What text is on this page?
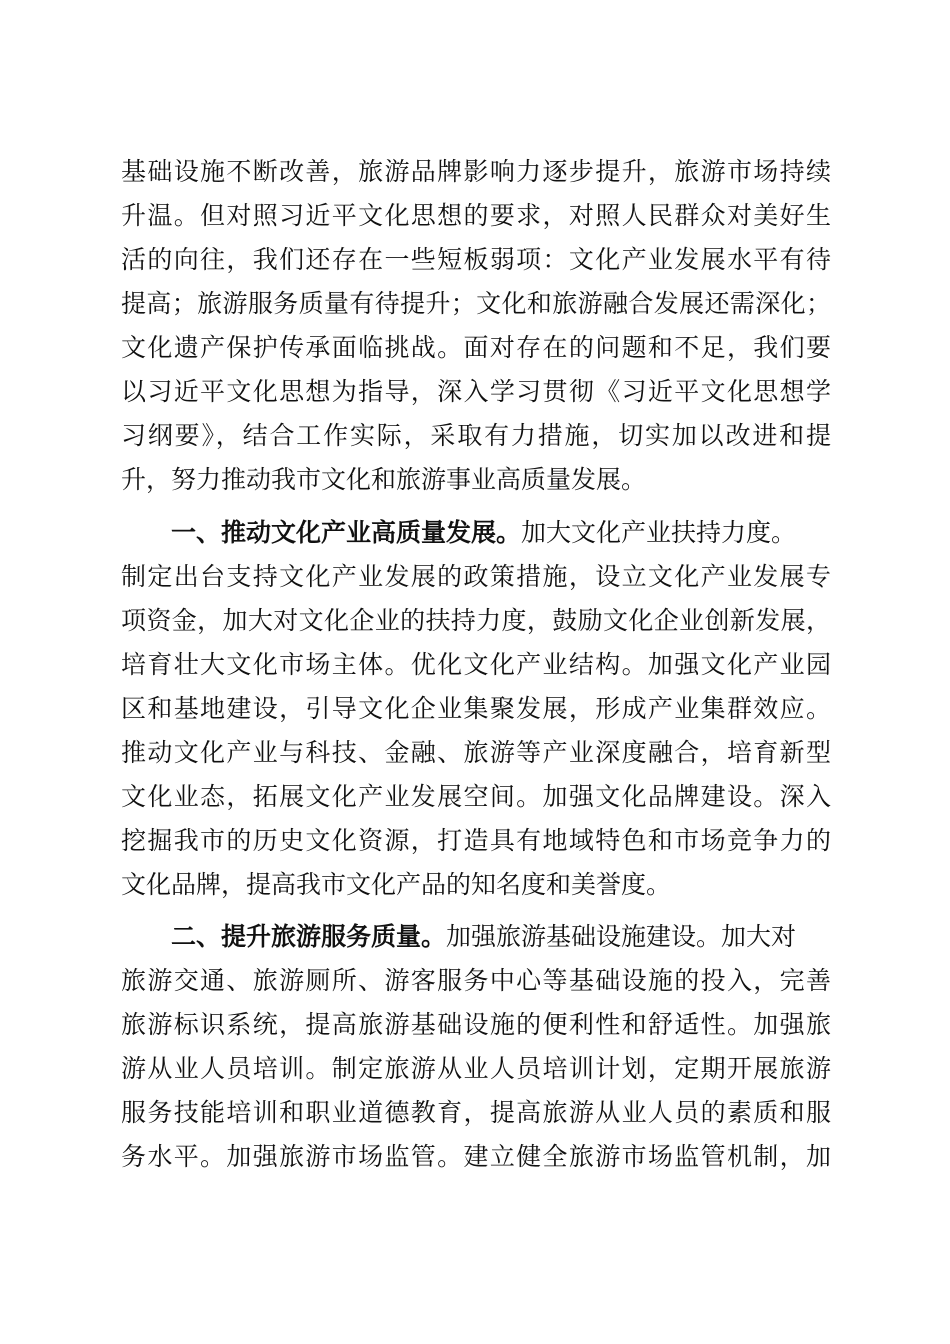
基础设施不断改善，旅游品牌影响力逐步提升，旅游市场持续
升温。但对照习近平文化思想的要求，对照人民群众对美好生
活的向往，我们还存在一些短板弱项：文化产业发展水平有待
提高；旅游服务质量有待提升；文化和旅游融合发展还需深化；
文化遗产保护传承面临挑战。面对存在的问题和不足，我们要
以习近平文化思想为指导，深入学习贯彻《习近平文化思想学
习纲要》，结合工作实际，采取有力措施，切实加以改进和提
升，努力推动我市文化和旅游事业高质量发展。
一、推动文化产业高质量发展。加大文化产业扶持力度。
制定出台支持文化产业发展的政策措施，设立文化产业发展专
项资金，加大对文化企业的扶持力度，鼓励文化企业创新发展，
培育壮大文化市场主体。优化文化产业结构。加强文化产业园
区和基地建设，引导文化企业集聚发展，形成产业集群效应。
推动文化产业与科技、金融、旅游等产业深度融合，培育新型
文化业态，拓展文化产业发展空间。加强文化品牌建设。深入
挖掘我市的历史文化资源，打造具有地域特色和市场竞争力的
文化品牌，提高我市文化产品的知名度和美誉度。
二、提升旅游服务质量。加强旅游基础设施建设。加大对
旅游交通、旅游厕所、游客服务中心等基础设施的投入，完善
旅游标识系统，提高旅游基础设施的便利性和舒适性。加强旅
游从业人员培训。制定旅游从业人员培训计划，定期开展旅游
服务技能培训和职业道德教育，提高旅游从业人员的素质和服
务水平。加强旅游市场监管。建立健全旅游市场监管机制，加
